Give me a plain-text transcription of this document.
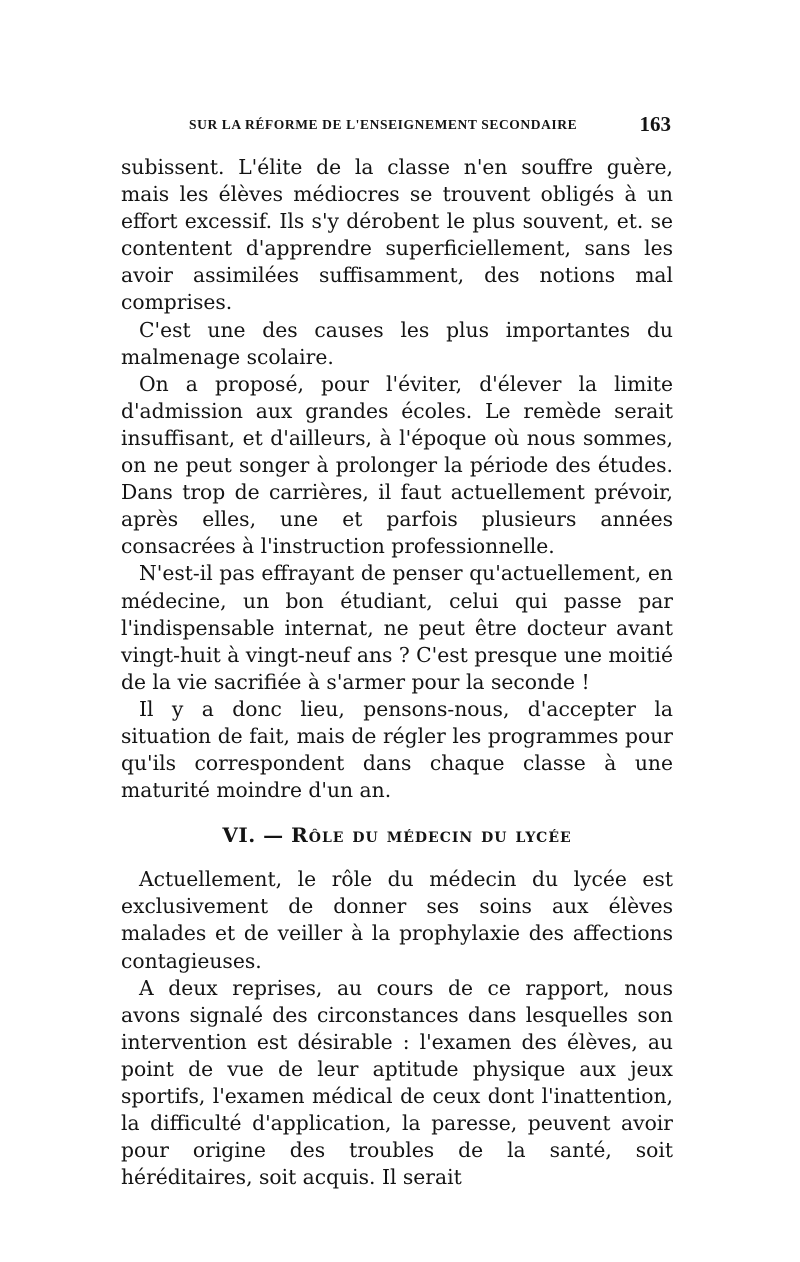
SUR LA RÉFORME DE L'ENSEIGNEMENT SECONDAIRE	163

subissent. L'élite de la classe n'en souffre guère, mais les élèves médiocres se trouvent obligés à un effort excessif. Ils s'y dérobent le plus souvent, et. se contentent d'apprendre superficiellement, sans les avoir assimilées suffisamment, des notions mal comprises.

C'est une des causes les plus importantes du malmenage scolaire.

On a proposé, pour l'éviter, d'élever la limite d'admission aux grandes écoles. Le remède serait insuffisant, et d'ailleurs, à l'époque où nous sommes, on ne peut songer à prolonger la période des études. Dans trop de carrières, il faut actuellement prévoir, après elles, une et parfois plusieurs années consacrées à l'instruction professionnelle.

N'est-il pas effrayant de penser qu'actuellement, en médecine, un bon étudiant, celui qui passe par l'indispensable internat, ne peut être docteur avant vingt-huit à vingt-neuf ans ? C'est presque une moitié de la vie sacrifiée à s'armer pour la seconde !

Il y a donc lieu, pensons-nous, d'accepter la situation de fait, mais de régler les programmes pour qu'ils correspondent dans chaque classe à une maturité moindre d'un an.

VI. — Rôle du médecin du lycée

Actuellement, le rôle du médecin du lycée est exclusivement de donner ses soins aux élèves malades et de veiller à la prophylaxie des affections contagieuses.

A deux reprises, au cours de ce rapport, nous avons signalé des circonstances dans lesquelles son intervention est désirable : l'examen des élèves, au point de vue de leur aptitude physique aux jeux sportifs, l'examen médical de ceux dont l'inattention, la difficulté d'application, la paresse, peuvent avoir pour origine des troubles de la santé, soit héréditaires, soit acquis. Il serait
